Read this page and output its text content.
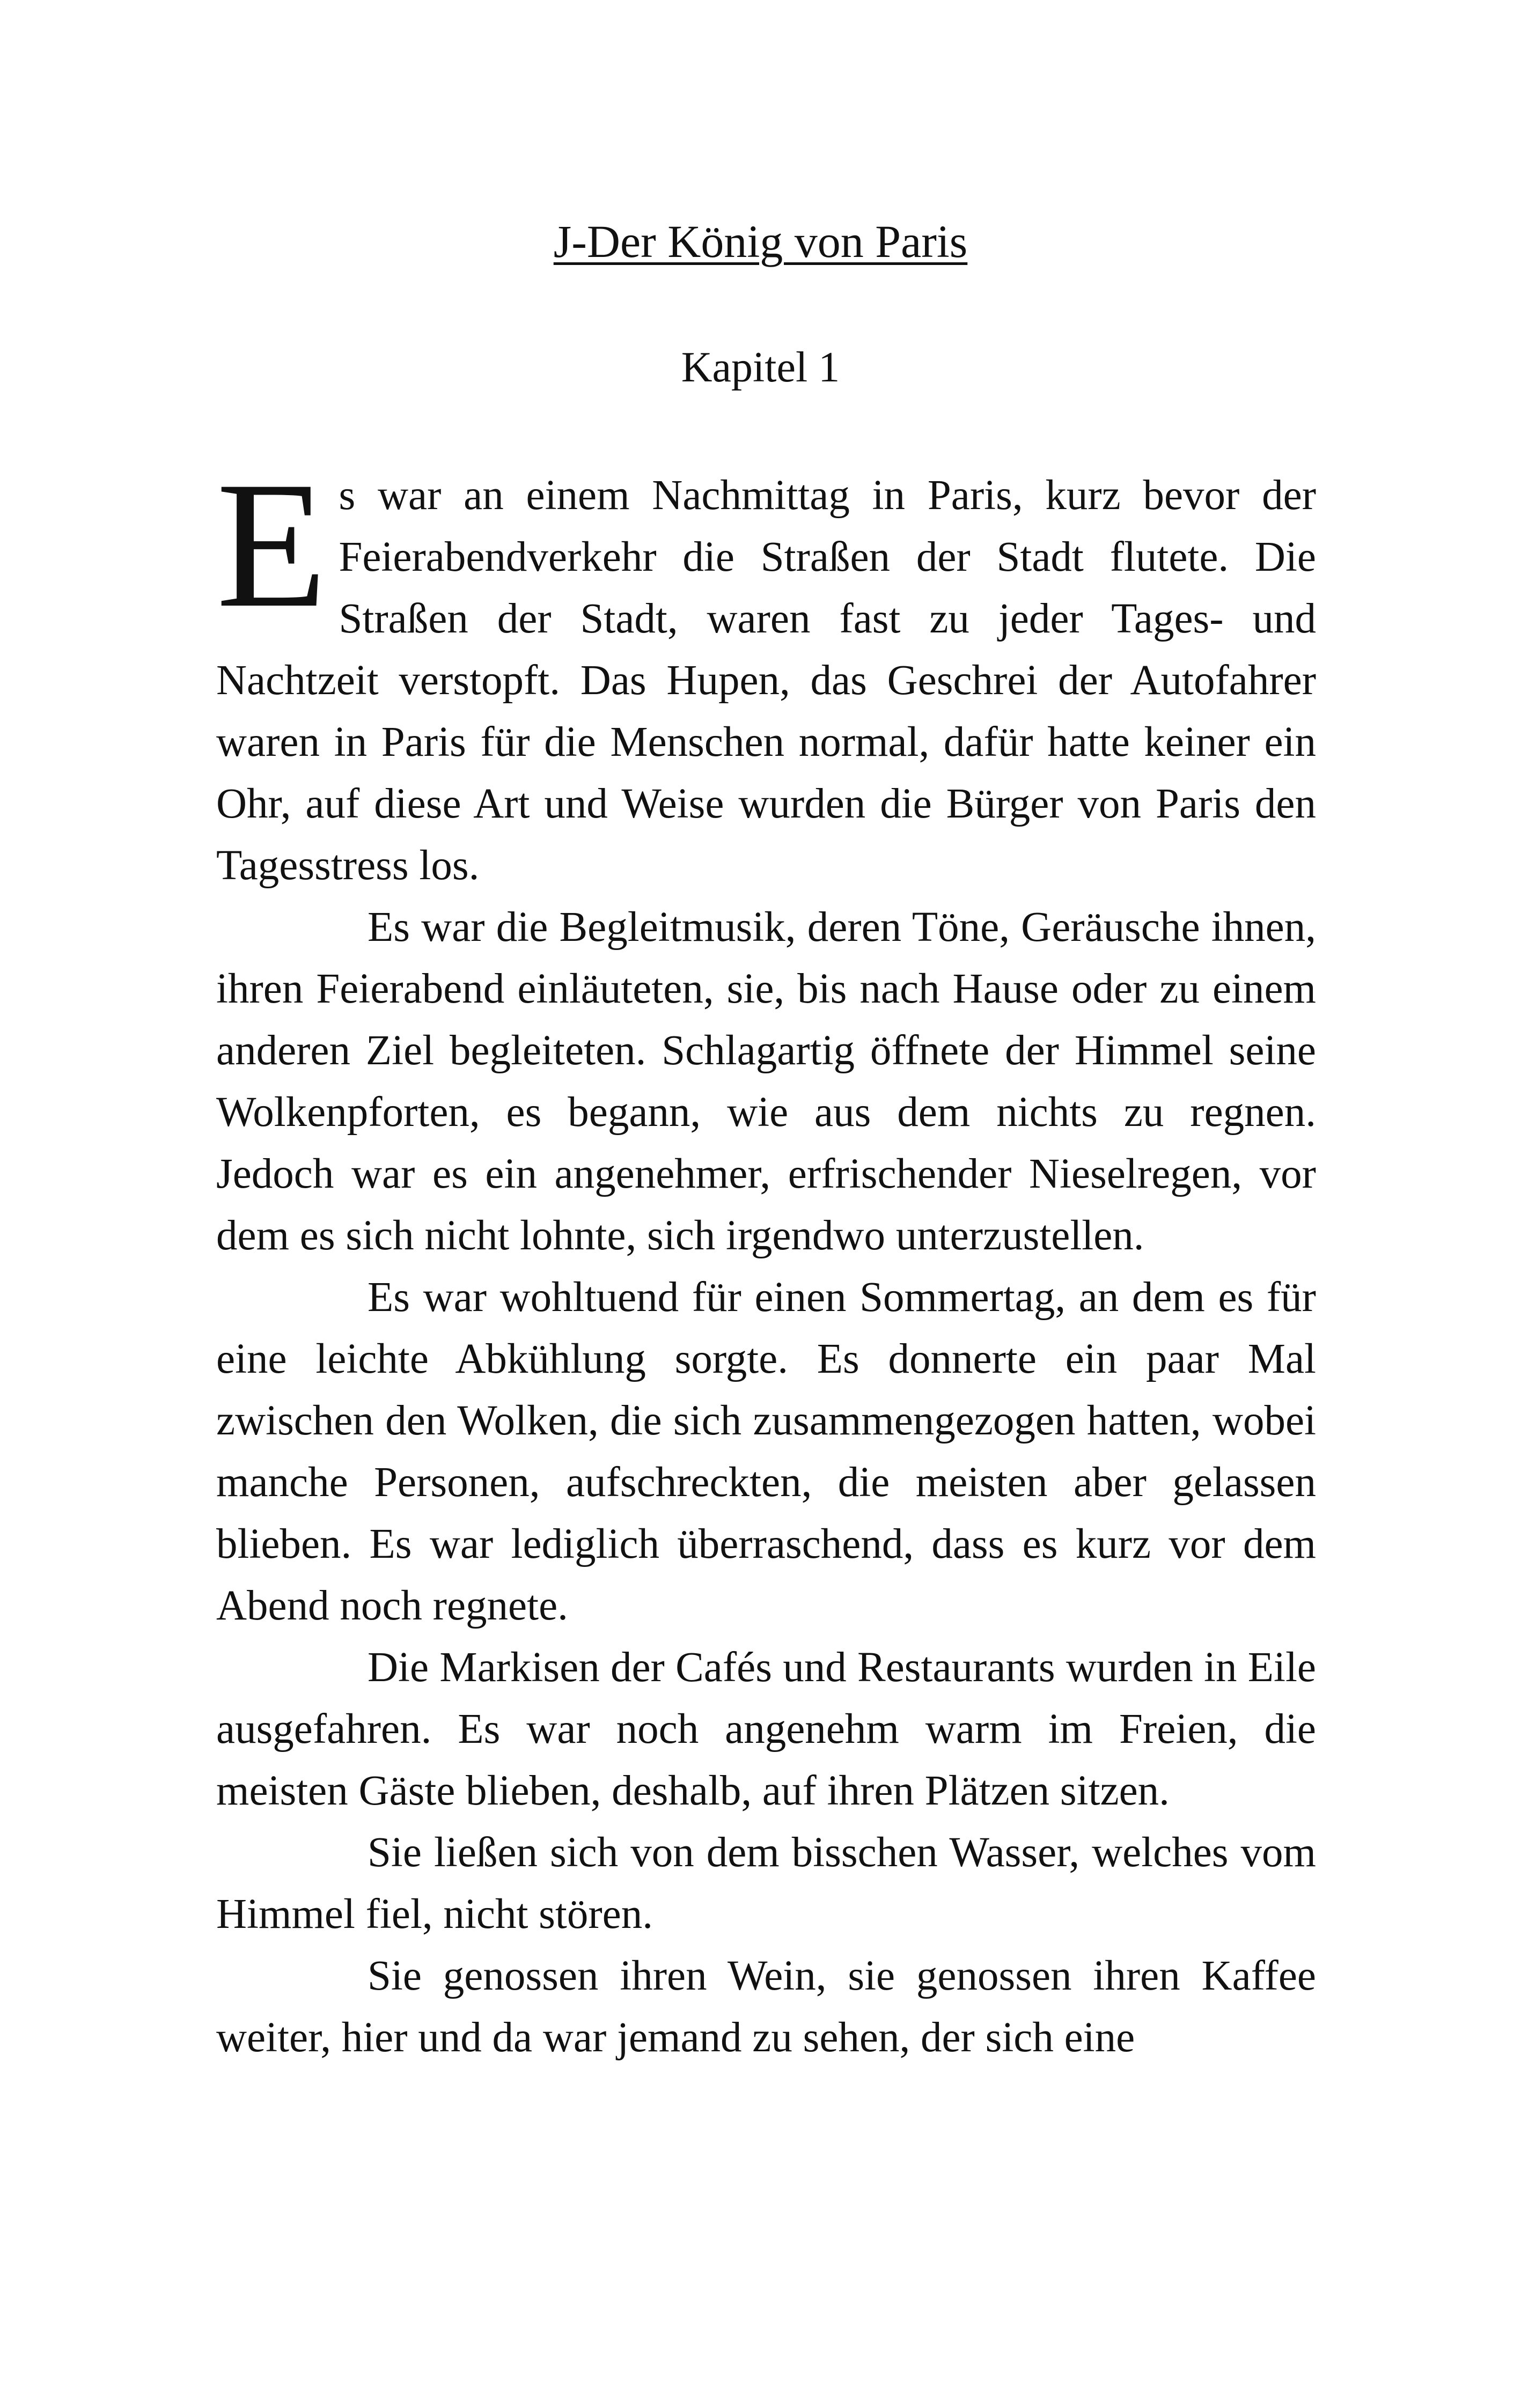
J-Der König von Paris
Kapitel 1

Es war an einem Nachmittag in Paris, kurz bevor der Feierabendverkehr die Straßen der Stadt flutete. Die Straßen der Stadt, waren fast zu jeder Tages- und Nachtzeit verstopft. Das Hupen, das Geschrei der Autofahrer waren in Paris für die Menschen normal, dafür hatte keiner ein Ohr, auf diese Art und Weise wurden die Bürger von Paris den Tagesstress los.

Es war die Begleitmusik, deren Töne, Geräusche ihnen, ihren Feierabend einläuteten, sie, bis nach Hause oder zu einem anderen Ziel begleiteten. Schlagartig öffnete der Himmel seine Wolkenpforten, es begann, wie aus dem nichts zu regnen. Jedoch war es ein angenehmer, erfrischender Nieselregen, vor dem es sich nicht lohnte, sich irgendwo unterzustellen.

Es war wohltuend für einen Sommertag, an dem es für eine leichte Abkühlung sorgte. Es donnerte ein paar Mal zwischen den Wolken, die sich zusammengezogen hatten, wobei manche Personen, aufschreckten, die meisten aber gelassen blieben. Es war lediglich überraschend, dass es kurz vor dem Abend noch regnete.

Die Markisen der Cafés und Restaurants wurden in Eile ausgefahren. Es war noch angenehm warm im Freien, die meisten Gäste blieben, deshalb, auf ihren Plätzen sitzen.

Sie ließen sich von dem bisschen Wasser, welches vom Himmel fiel, nicht stören.

Sie genossen ihren Wein, sie genossen ihren Kaffee weiter, hier und da war jemand zu sehen, der sich eine
